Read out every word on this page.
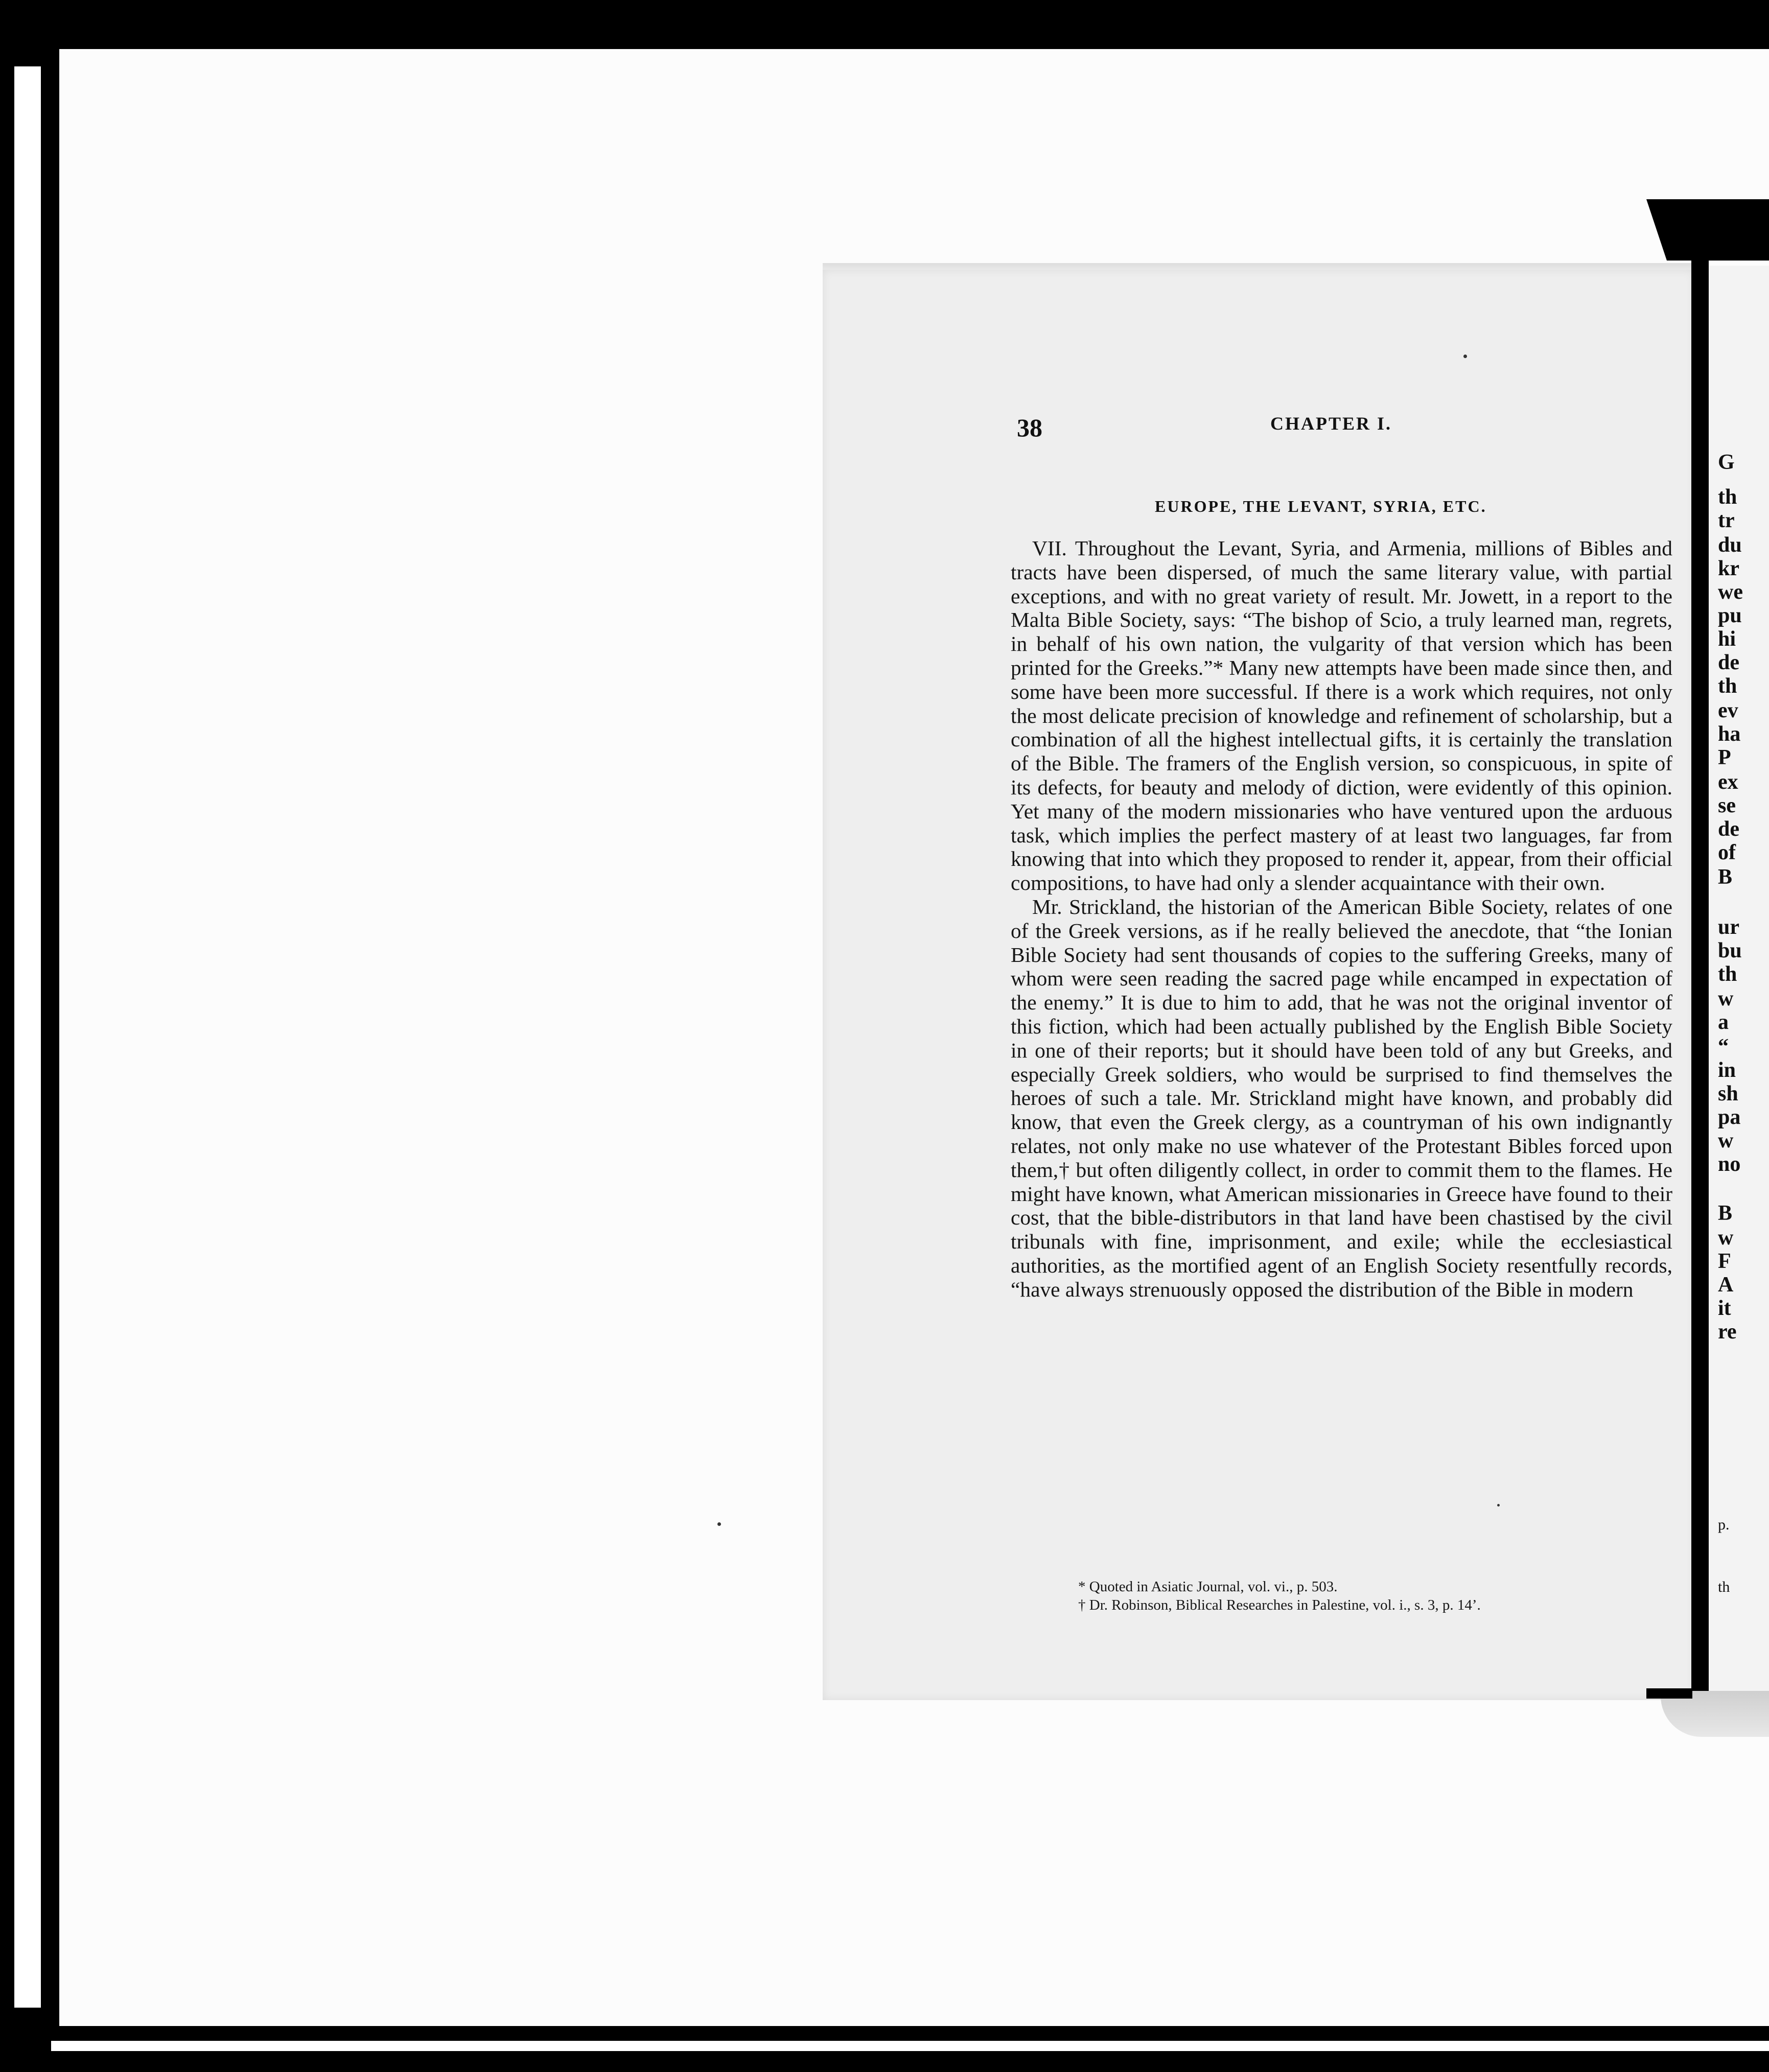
G
th
tr
du
kr
we
pu
hi
de
th
ev
ha
P
ex
se
de
of
B
ur
bu
th
w
a
“
in
sh
pa
w
no
B
w
F
A
it
re
p.
th
38	CHAPTER I.
EUROPE, THE LEVANT, SYRIA, ETC.

VII. Throughout the Levant, Syria, and Armenia, millions of Bibles and tracts have been dispersed, of much the same literary value, with partial exceptions, and with no great variety of result. Mr. Jowett, in a report to the Malta Bible Society, says: “The bishop of Scio, a truly learned man, regrets, in behalf of his own nation, the vulgarity of that version which has been printed for the Greeks.”* Many new attempts have been made since then, and some have been more successful. If there is a work which requires, not only the most delicate precision of knowledge and refinement of scholarship, but a combination of all the highest intellectual gifts, it is certainly the translation of the Bible. The framers of the English version, so conspicuous, in spite of its defects, for beauty and melody of diction, were evidently of this opinion. Yet many of the modern missionaries who have ventured upon the arduous task, which implies the perfect mastery of at least two languages, far from knowing that into which they proposed to render it, appear, from their official compositions, to have had only a slender acquaintance with their own.

Mr. Strickland, the historian of the American Bible Society, relates of one of the Greek versions, as if he really believed the anecdote, that “the Ionian Bible Society had sent thousands of copies to the suffering Greeks, many of whom were seen reading the sacred page while encamped in expectation of the enemy.” It is due to him to add, that he was not the original inventor of this fiction, which had been actually published by the English Bible Society in one of their reports; but it should have been told of any but Greeks, and especially Greek soldiers, who would be surprised to find themselves the heroes of such a tale. Mr. Strickland might have known, and probably did know, that even the Greek clergy, as a countryman of his own indignantly relates, not only make no use whatever of the Protestant Bibles forced upon them,† but often diligently collect, in order to commit them to the flames. He might have known, what American missionaries in Greece have found to their cost, that the bible-distributors in that land have been chastised by the civil tribunals with fine, imprisonment, and exile; while the ecclesiastical authorities, as the mortified agent of an English Society resentfully records, “have always strenuously opposed the distribution of the Bible in modern

* Quoted in Asiatic Journal, vol. vi., p. 503.
† Dr. Robinson, Biblical Researches in Palestine, vol. i., s. 3, p. 14’.
